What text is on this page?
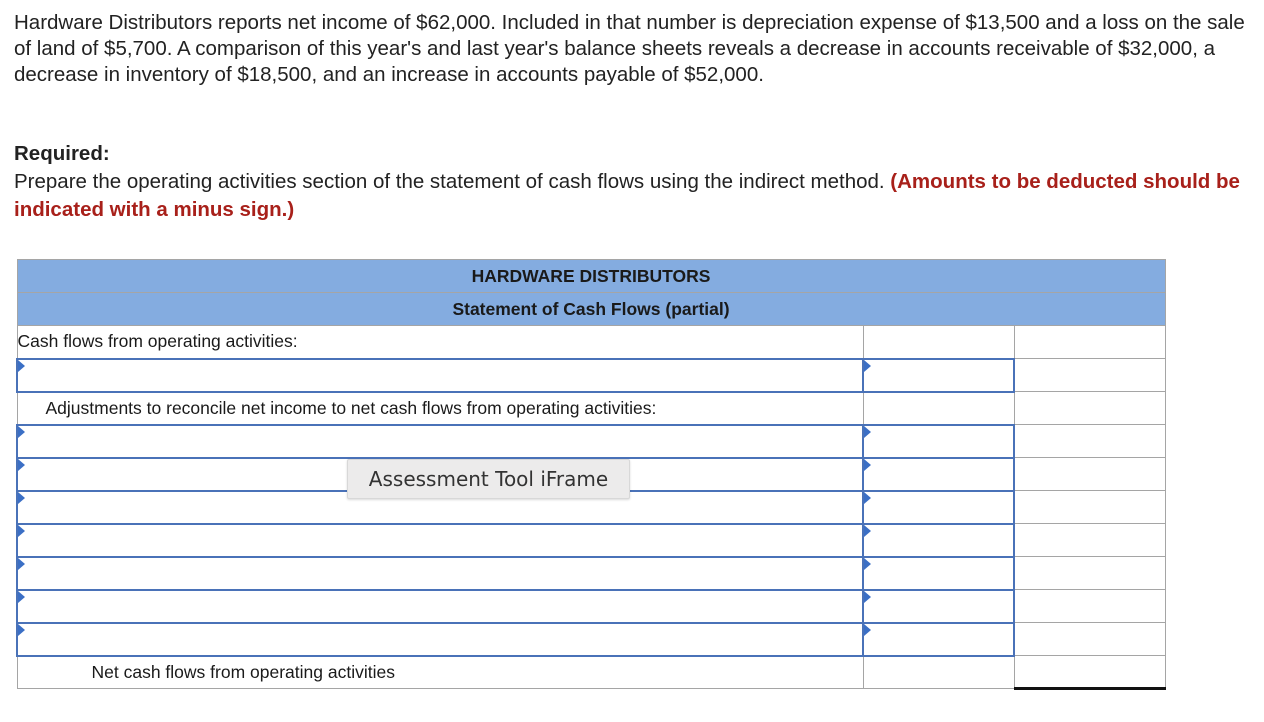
Hardware Distributors reports net income of $62,000. Included in that number is depreciation expense of $13,500 and a loss on the sale of land of $5,700. A comparison of this year's and last year's balance sheets reveals a decrease in accounts receivable of $32,000, a decrease in inventory of $18,500, and an increase in accounts payable of $52,000.
Required:
Prepare the operating activities section of the statement of cash flows using the indirect method. (Amounts to be deducted should be indicated with a minus sign.)
HARDWARE DISTRIBUTORS		
Statement of Cash Flows (partial)		
Cash flows from operating activities:		

Adjustments to reconcile net income to net cash flows from operating activities:		

Net cash flows from operating activities		
Assessment Tool iFrame
